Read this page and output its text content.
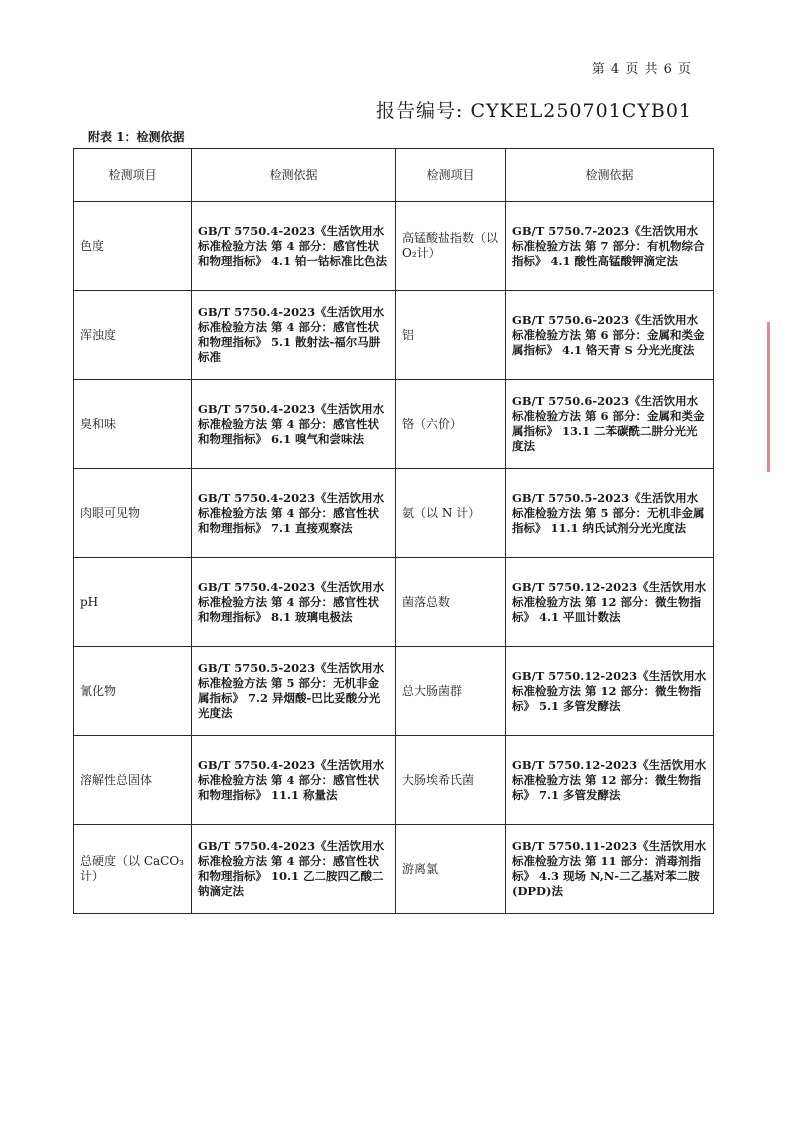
第 4 页 共 6 页
报告编号: CYKEL250701CYB01
附表 1：检测依据
检测项目	检测依据	检测项目	检测依据
色度	GB/T 5750.4-2023《生活饮用水标准检验方法 第 4 部分：感官性状和物理指标》 4.1 铂一钴标准比色法	高锰酸盐指数（以O₂计）	GB/T 5750.7-2023《生活饮用水标准检验方法 第 7 部分：有机物综合指标》 4.1 酸性高锰酸钾滴定法
浑浊度	GB/T 5750.4-2023《生活饮用水标准检验方法 第 4 部分：感官性状和物理指标》 5.1 散射法-福尔马肼标准	铝	GB/T 5750.6-2023《生活饮用水标准检验方法 第 6 部分：金属和类金属指标》 4.1 铬天青 S 分光光度法
臭和味	GB/T 5750.4-2023《生活饮用水标准检验方法 第 4 部分：感官性状和物理指标》 6.1 嗅气和尝味法	铬（六价）	GB/T 5750.6-2023《生活饮用水标准检验方法 第 6 部分：金属和类金属指标》 13.1 二苯碳酰二肼分光光度法
肉眼可见物	GB/T 5750.4-2023《生活饮用水标准检验方法 第 4 部分：感官性状和物理指标》 7.1 直接观察法	氨（以 N 计）	GB/T 5750.5-2023《生活饮用水标准检验方法 第 5 部分：无机非金属指标》 11.1 纳氏试剂分光光度法
pH	GB/T 5750.4-2023《生活饮用水标准检验方法 第 4 部分：感官性状和物理指标》 8.1 玻璃电极法	菌落总数	GB/T 5750.12-2023《生活饮用水标准检验方法 第 12 部分：微生物指标》 4.1 平皿计数法
氰化物	GB/T 5750.5-2023《生活饮用水标准检验方法 第 5 部分：无机非金属指标》 7.2 异烟酸-巴比妥酸分光光度法	总大肠菌群	GB/T 5750.12-2023《生活饮用水标准检验方法 第 12 部分：微生物指标》 5.1 多管发酵法
溶解性总固体	GB/T 5750.4-2023《生活饮用水标准检验方法 第 4 部分：感官性状和物理指标》 11.1 称量法	大肠埃希氏菌	GB/T 5750.12-2023《生活饮用水标准检验方法 第 12 部分：微生物指标》 7.1 多管发酵法
总硬度（以 CaCO₃计）	GB/T 5750.4-2023《生活饮用水标准检验方法 第 4 部分：感官性状和物理指标》 10.1 乙二胺四乙酸二钠滴定法	游离氯	GB/T 5750.11-2023《生活饮用水标准检验方法 第 11 部分：消毒剂指标》 4.3 现场 N,N-二乙基对苯二胺(DPD)法
